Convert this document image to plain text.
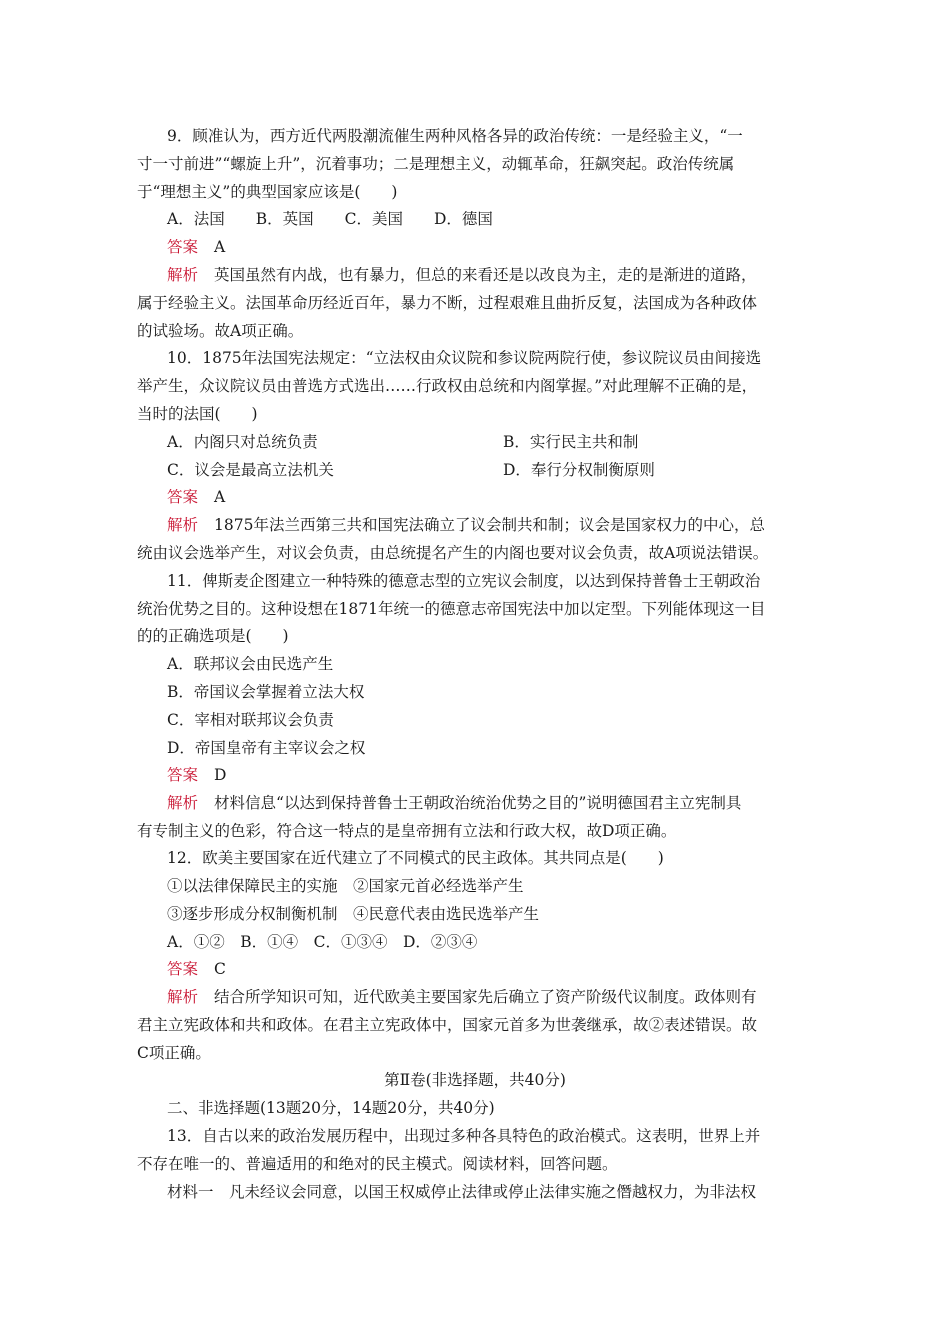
9．顾准认为，西方近代两股潮流催生两种风格各异的政治传统：一是经验主义，“一
寸一寸前进”“螺旋上升”，沉着事功；二是理想主义，动辄革命，狂飙突起。政治传统属
于“理想主义”的典型国家应该是(　　)
A．法国　　B．英国　　C．美国　　D．德国
答案 A
解析 英国虽然有内战，也有暴力，但总的来看还是以改良为主，走的是渐进的道路，
属于经验主义。法国革命历经近百年，暴力不断，过程艰难且曲折反复，法国成为各种政体
的试验场。故A项正确。
10．1875年法国宪法规定：“立法权由众议院和参议院两院行使，参议院议员由间接选
举产生，众议院议员由普选方式选出……行政权由总统和内阁掌握。”对此理解不正确的是，
当时的法国(　　)
A．内阁只对总统负责	B．实行民主共和制
C．议会是最高立法机关	D．奉行分权制衡原则
答案 A
解析 1875年法兰西第三共和国宪法确立了议会制共和制；议会是国家权力的中心，总
统由议会选举产生，对议会负责，由总统提名产生的内阁也要对议会负责，故A项说法错误。
11．俾斯麦企图建立一种特殊的德意志型的立宪议会制度，以达到保持普鲁士王朝政治
统治优势之目的。这种设想在1871年统一的德意志帝国宪法中加以定型。下列能体现这一目
的的正确选项是(　　)
A．联邦议会由民选产生
B．帝国议会掌握着立法大权
C．宰相对联邦议会负责
D．帝国皇帝有主宰议会之权
答案 D
解析 材料信息“以达到保持普鲁士王朝政治统治优势之目的”说明德国君主立宪制具
有专制主义的色彩，符合这一特点的是皇帝拥有立法和行政大权，故D项正确。
12．欧美主要国家在近代建立了不同模式的民主政体。其共同点是(　　)
①以法律保障民主的实施　②国家元首必经选举产生
③逐步形成分权制衡机制　④民意代表由选民选举产生
A．①②　B．①④　C．①③④　D．②③④
答案 C
解析 结合所学知识可知，近代欧美主要国家先后确立了资产阶级代议制度。政体则有
君主立宪政体和共和政体。在君主立宪政体中，国家元首多为世袭继承，故②表述错误。故
C项正确。
第Ⅱ卷(非选择题，共40分)
二、非选择题(13题20分，14题20分，共40分)
13．自古以来的政治发展历程中，出现过多种各具特色的政治模式。这表明，世界上并
不存在唯一的、普遍适用的和绝对的民主模式。阅读材料，回答问题。
材料一　凡未经议会同意，以国王权威停止法律或停止法律实施之僭越权力，为非法权
